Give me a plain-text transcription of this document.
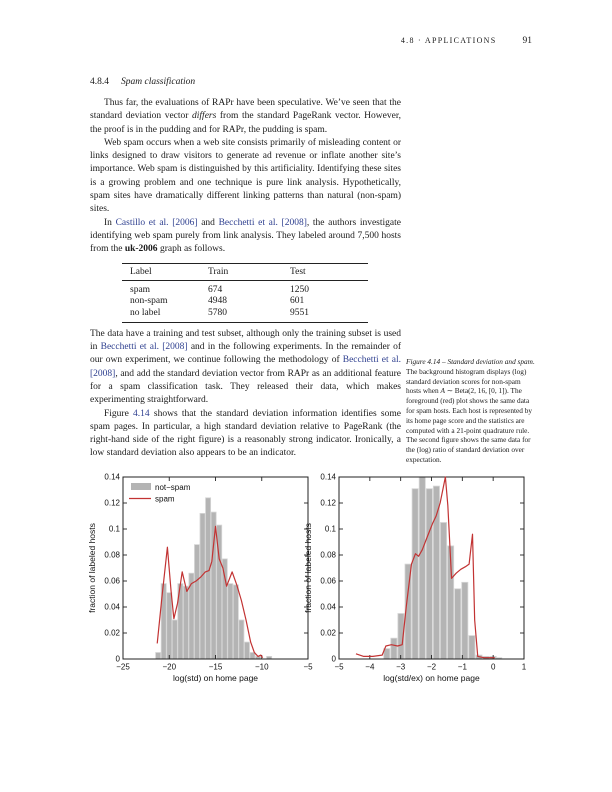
4.8 · APPLICATIONS	91
4.8.4 Spam classification

Thus far, the evaluations of RAPr have been speculative. We’ve seen that the standard deviation vector differs from the standard PageRank vector. However, the proof is in the pudding and for RAPr, the pudding is spam.

Web spam occurs when a web site consists primarily of misleading content or links designed to draw visitors to generate ad revenue or inflate another site’s importance. Web spam is distinguished by this artificiality. Identifying these sites is a growing problem and one technique is pure link analysis. Hypothetically, spam sites have dramatically different linking patterns than natural (non-spam) sites.

In Castillo et al. [2006] and Becchetti et al. [2008], the authors investigate identifying web spam purely from link analysis. They labeled around 7,500 hosts from the uk-2006 graph as follows.

Label	Train	Test
spam	674	1250
non-spam	4948	601
no label	5780	9551

The data have a training and test subset, although only the training subset is used in Becchetti et al. [2008] and in the following experiments. In the remainder of our own experiment, we continue following the methodology of Becchetti et al. [2008], and add the standard deviation vector from RAPr as an additional feature for a spam classification task. They released their data, which makes experimenting straightforward.

Figure 4.14 shows that the standard deviation information identifies some spam pages. In particular, a high standard deviation relative to PageRank (the right-hand side of the right figure) is a reasonably strong indicator. Ironically, a low standard deviation also appears to be an indicator.

Figure 4.14 – Standard deviation and spam. The background histogram displays (log) standard deviation scores for non-spam hosts when A ∼ Beta(2, 16, [0, 1]). The foreground (red) plot shows the same data for spam hosts. Each host is represented by its home page score and the statistics are computed with a 21-point quadrature rule. The second figure shows the same data for the (log) ratio of standard deviation over expectation.
−25	−20	−15	−10	−5
0
0.02
0.04
0.06
0.08
0.1
0.12
0.14
log(std) on home page
fraction of labeled hosts
not−spam
spam
−5	−4	−3	−2	−1	0	1
0
0.02
0.04
0.06
0.08
0.1
0.12
0.14
log(std/ex) on home page
fraction of labeled hosts
